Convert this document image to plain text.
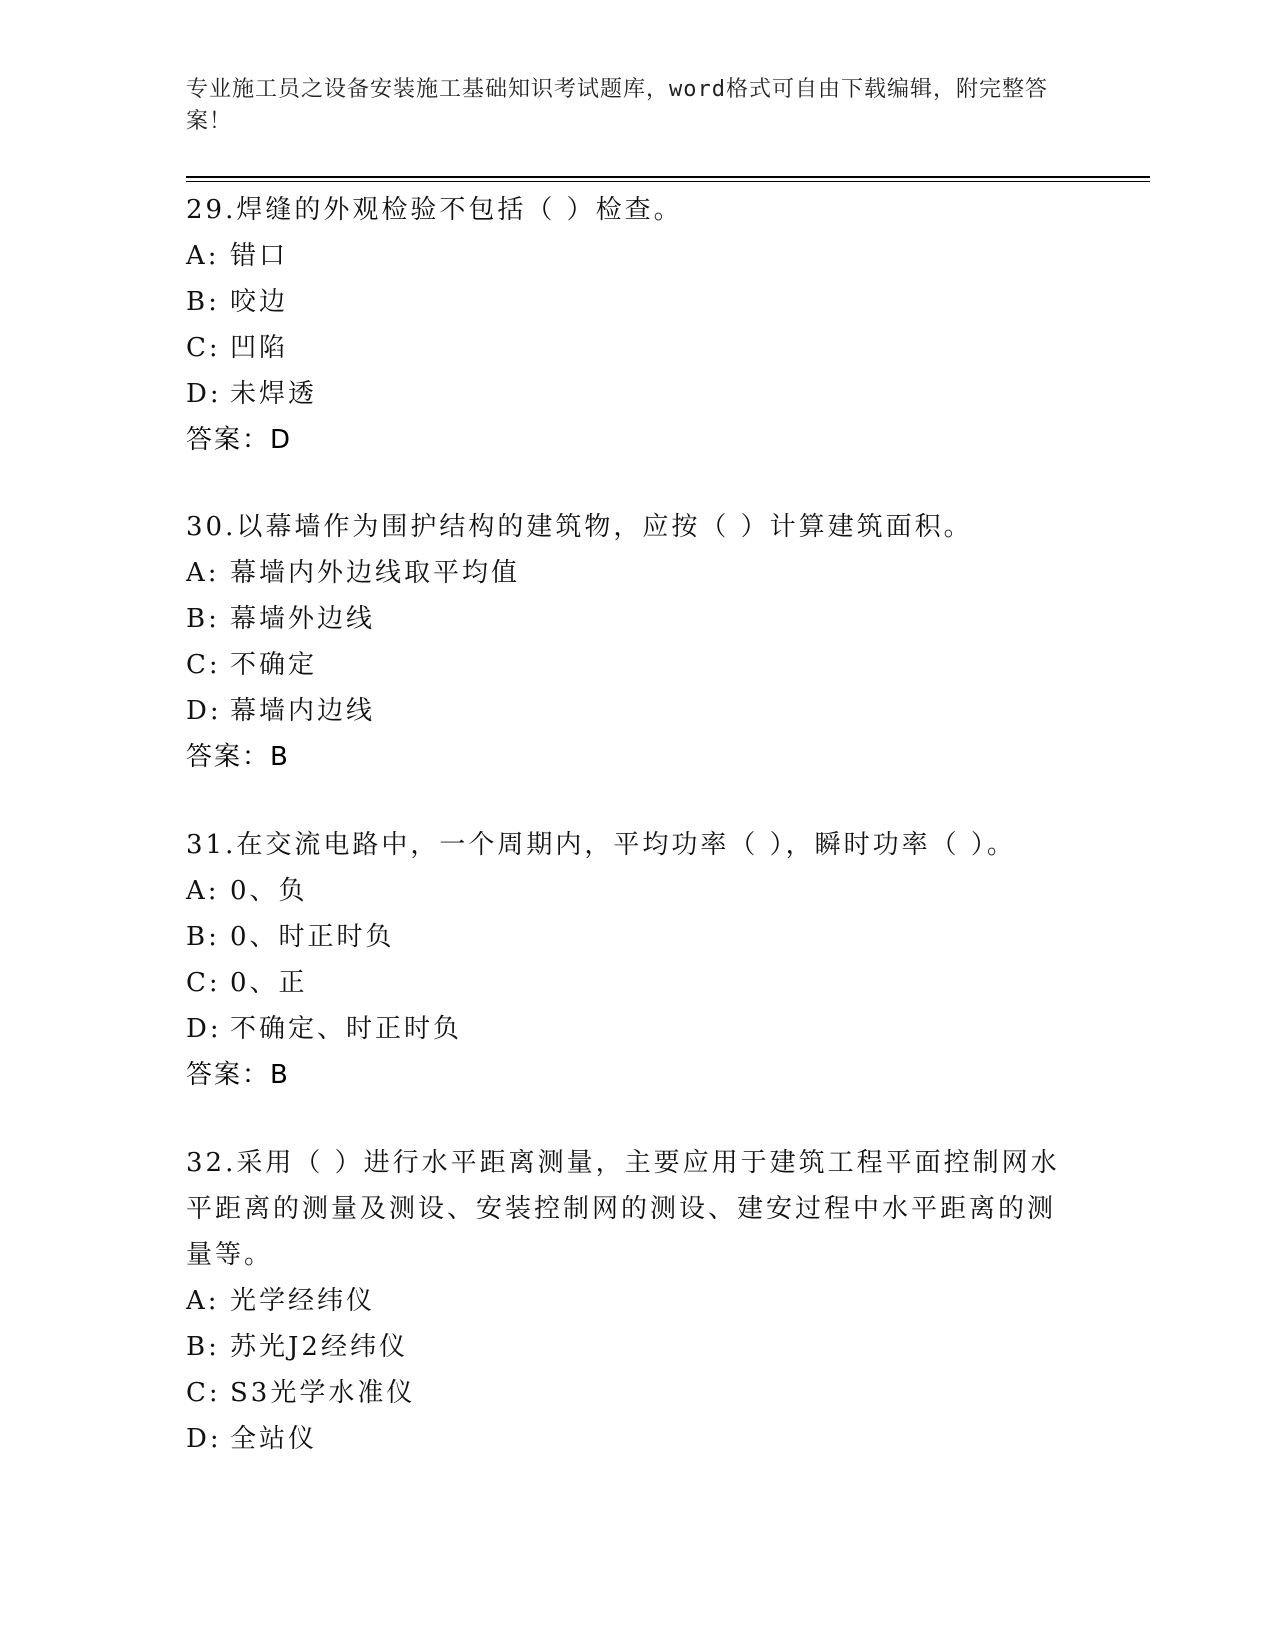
专业施工员之设备安装施工基础知识考试题库，word格式可自由下载编辑，附完整答案！

29.焊缝的外观检验不包括（ ）检查。

A: 错口

B: 咬边

C: 凹陷

D: 未焊透

答案：D

30.以幕墙作为围护结构的建筑物，应按（ ）计算建筑面积。

A: 幕墙内外边线取平均值

B: 幕墙外边线

C: 不确定

D: 幕墙内边线

答案：B

31.在交流电路中，一个周期内，平均功率（ ），瞬时功率（ ）。

A: 0、负

B: 0、时正时负

C: 0、正

D: 不确定、时正时负

答案：B

32.采用（ ）进行水平距离测量，主要应用于建筑工程平面控制网水平距离的测量及测设、安装控制网的测设、建安过程中水平距离的测量等。

A: 光学经纬仪

B: 苏光J2经纬仪

C: S3光学水准仪

D: 全站仪
